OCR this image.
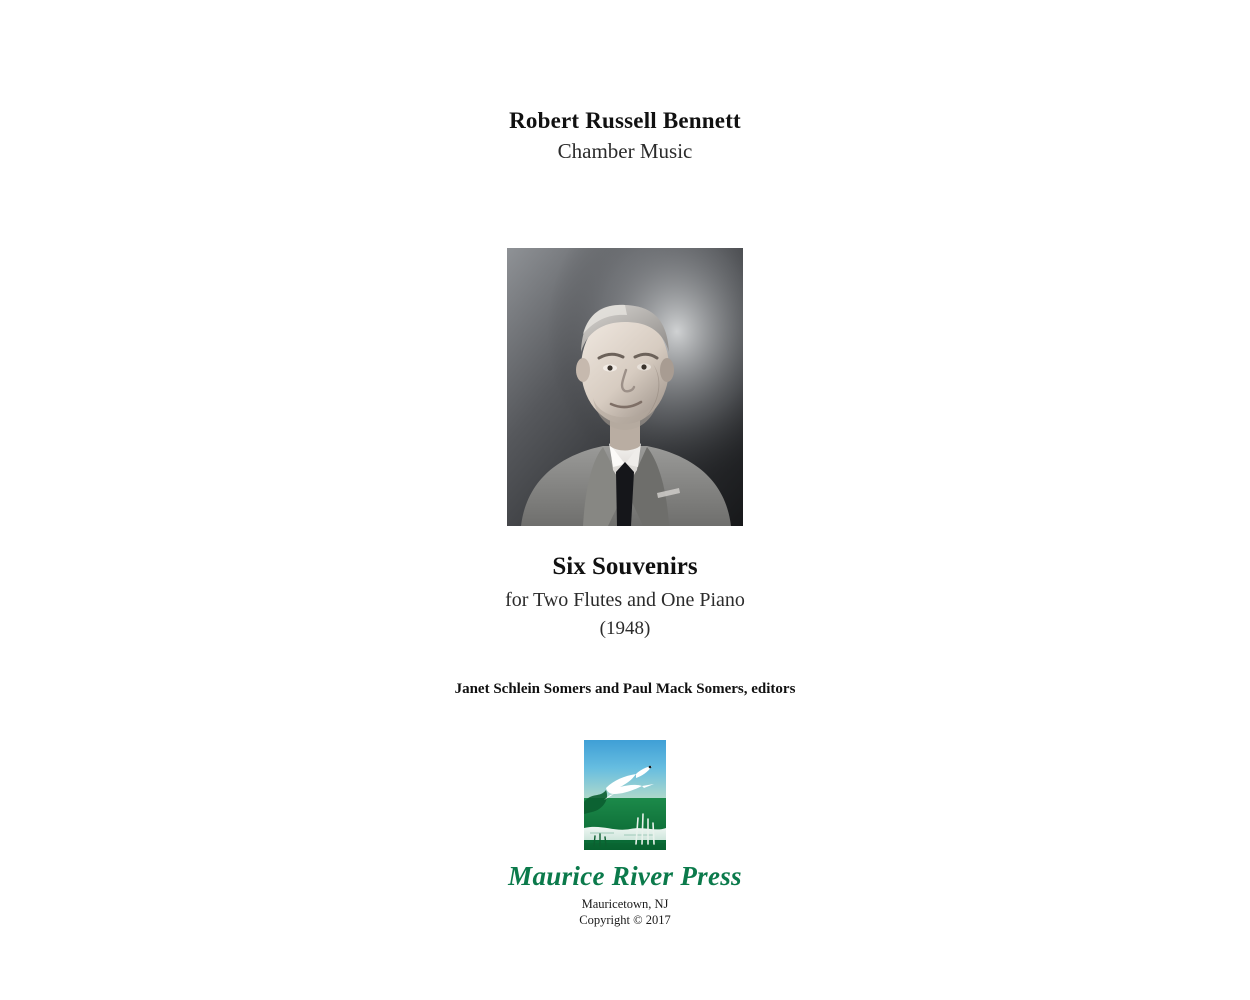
Robert Russell Bennett
Chamber Music
Six Souvenirs
for Two Flutes and One Piano
(1948)
Janet Schlein Somers and Paul Mack Somers, editors
Maurice River Press
Mauricetown, NJ
Copyright © 2017
